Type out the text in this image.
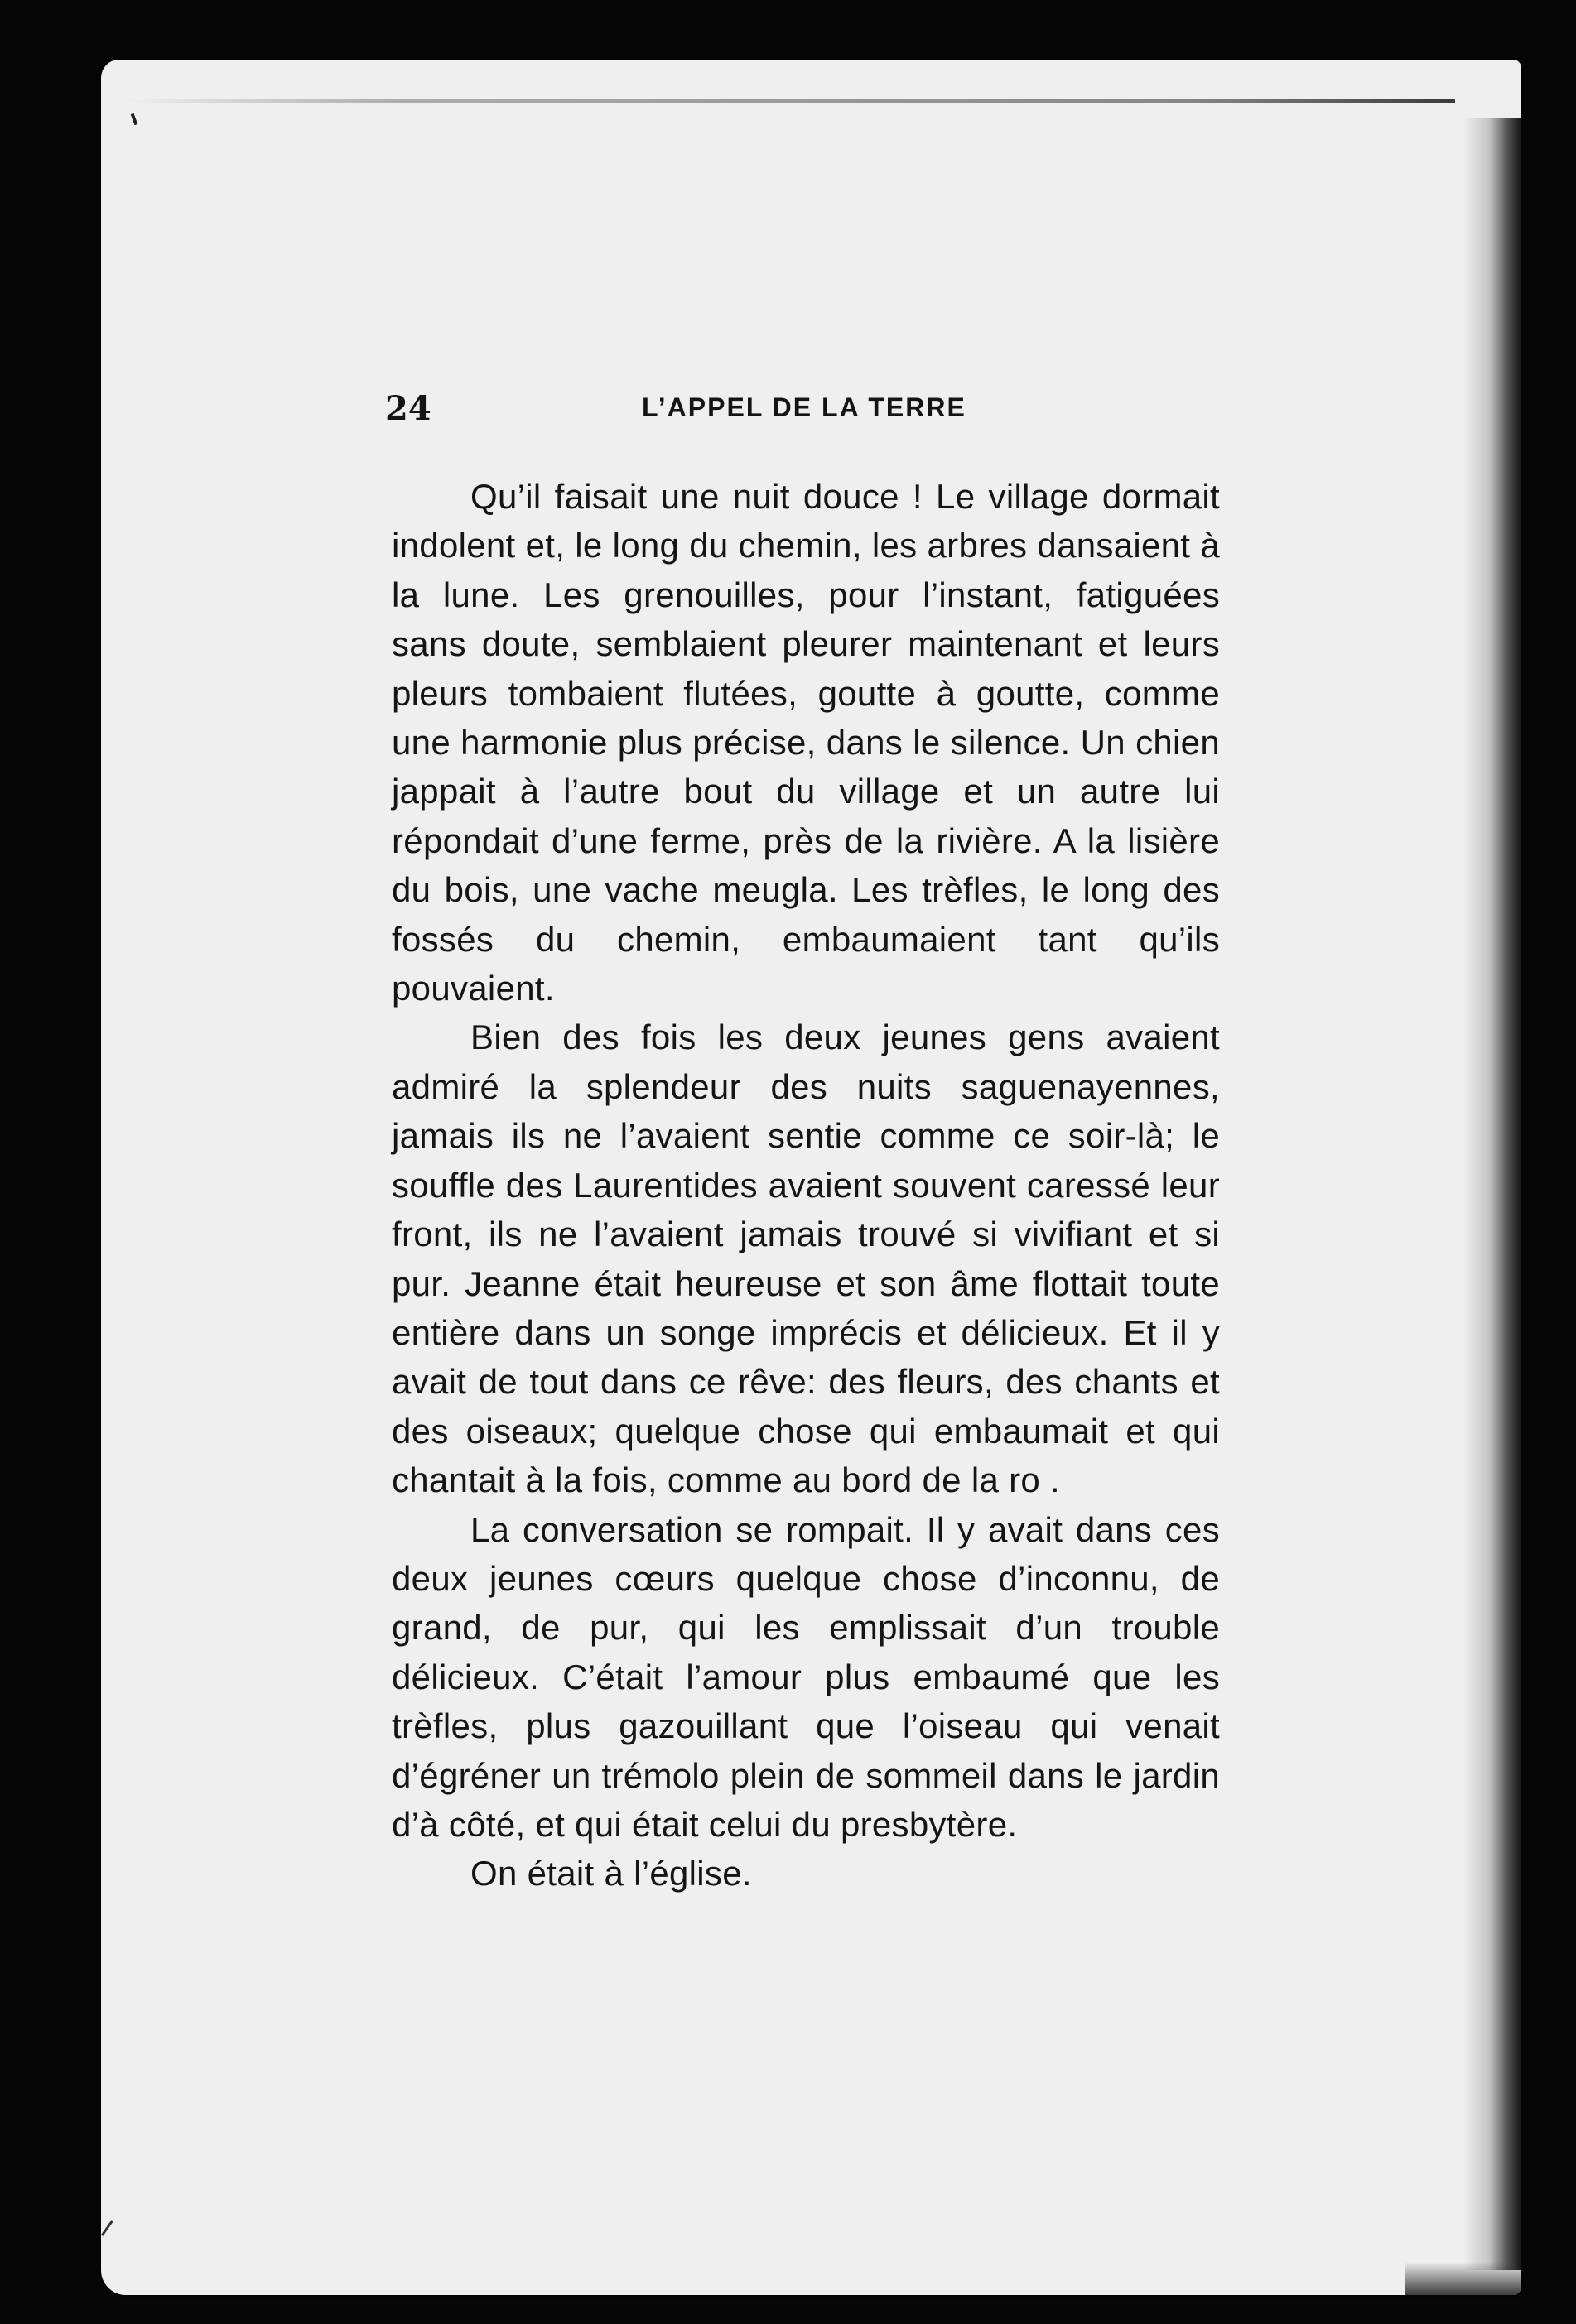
24	L’APPEL DE LA TERRE

Qu’il faisait une nuit douce ! Le village dormait indolent et, le long du chemin, les arbres dansaient à la lune. Les grenouilles, pour l’instant, fatiguées sans doute, semblaient pleurer maintenant et leurs pleurs tombaient flutées, goutte à goutte, comme une harmonie plus précise, dans le silence. Un chien jappait à l’autre bout du village et un autre lui répondait d’une ferme, près de la rivière. A la lisière du bois, une vache meugla. Les trèfles, le long des fossés du chemin, embaumaient tant qu’ils pouvaient.

Bien des fois les deux jeunes gens avaient admiré la splendeur des nuits saguenayennes, jamais ils ne l’avaient sentie comme ce soir-là; le souffle des Laurentides avaient souvent caressé leur front, ils ne l’avaient jamais trouvé si vivifiant et si pur. Jeanne était heureuse et son âme flottait toute entière dans un songe imprécis et délicieux. Et il y avait de tout dans ce rêve: des fleurs, des chants et des oiseaux; quelque chose qui embaumait et qui chantait à la fois, comme au bord de la ro .

La conversation se rompait. Il y avait dans ces deux jeunes cœurs quelque chose d’inconnu, de grand, de pur, qui les emplissait d’un trouble délicieux. C’était l’amour plus embaumé que les trèfles, plus gazouillant que l’oiseau qui venait d’égréner un trémolo plein de sommeil dans le jardin d’à côté, et qui était celui du presbytère.

On était à l’église.
